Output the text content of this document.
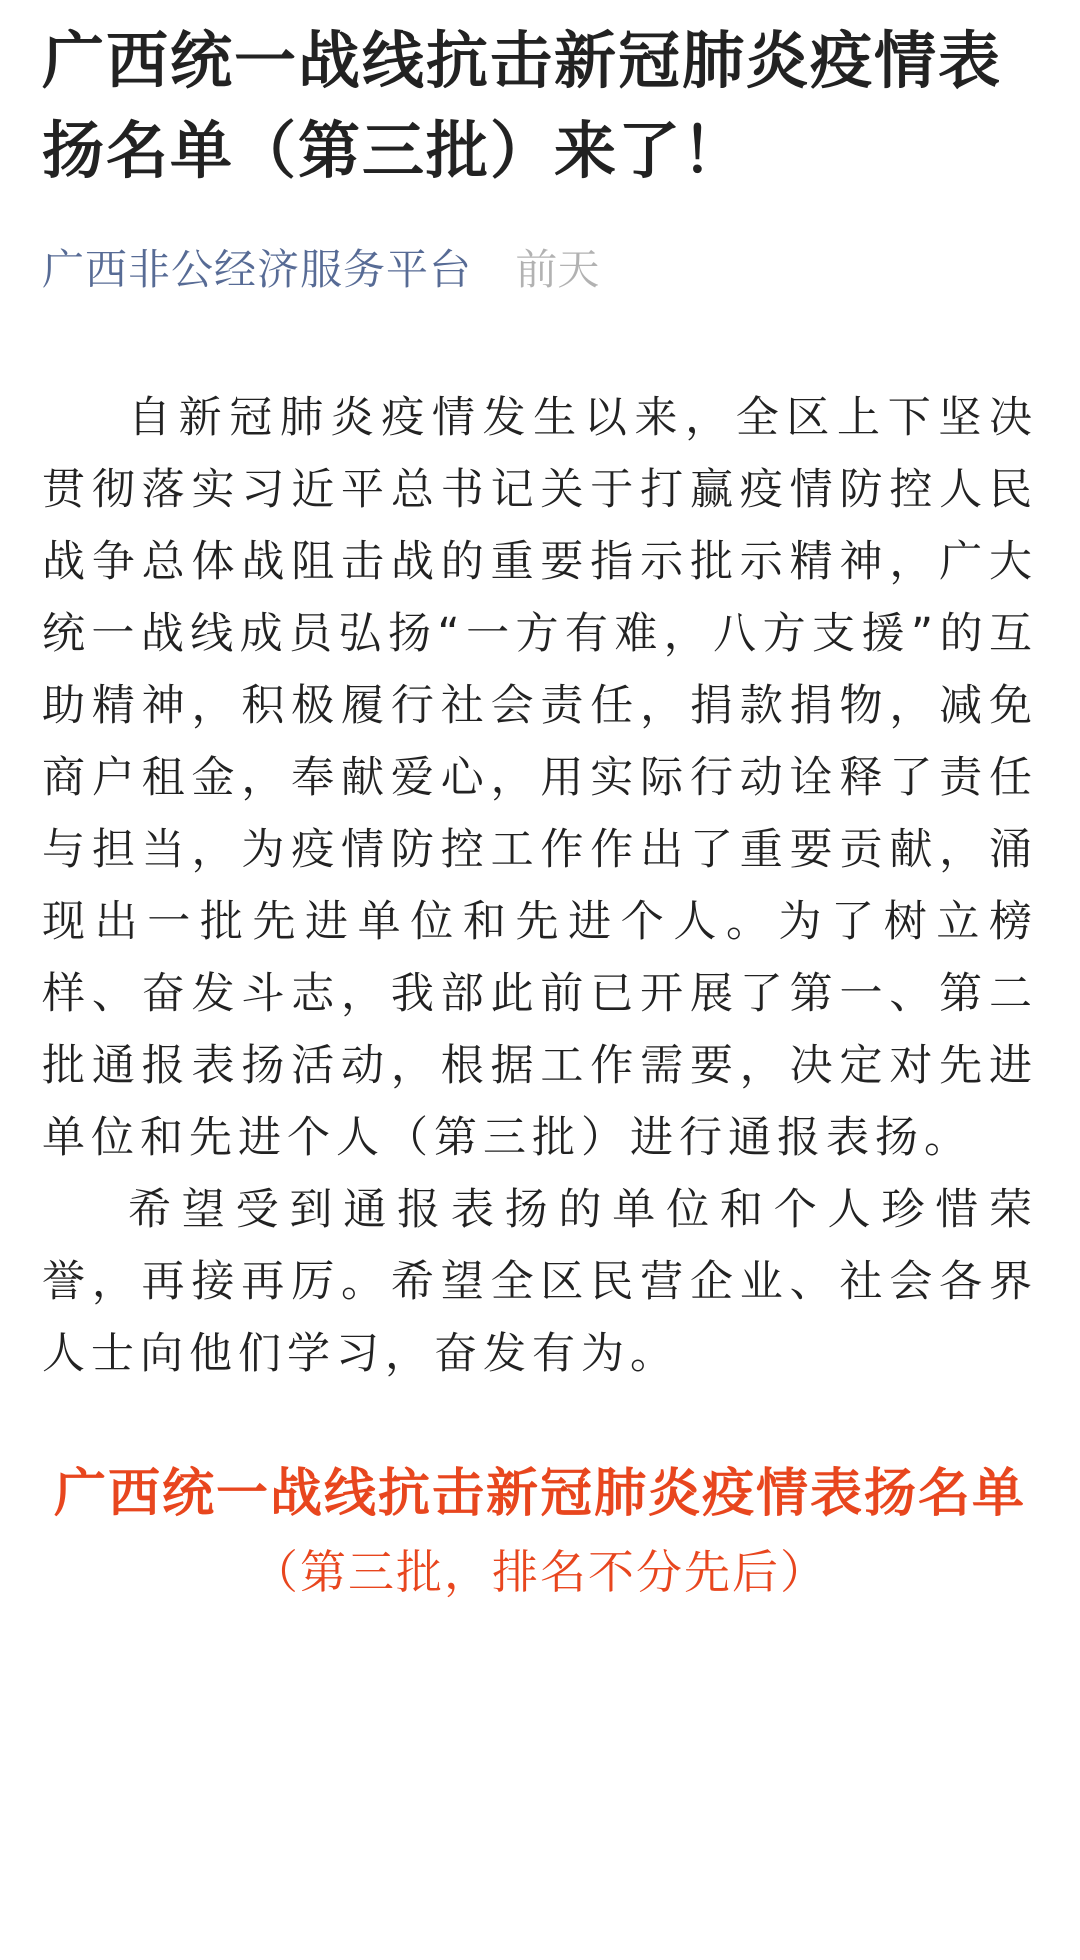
广西统一战线抗击新冠肺炎疫情表扬名单（第三批）来了！
广西非公经济服务平台 前天

自新冠肺炎疫情发生以来，全区上下坚决贯彻落实习近平总书记关于打赢疫情防控人民战争总体战阻击战的重要指示批示精神，广大统一战线成员弘扬“一方有难，八方支援”的互助精神，积极履行社会责任，捐款捐物，减免商户租金，奉献爱心，用实际行动诠释了责任与担当，为疫情防控工作作出了重要贡献，涌现出一批先进单位和先进个人。为了树立榜样、奋发斗志，我部此前已开展了第一、第二批通报表扬活动，根据工作需要，决定对先进单位和先进个人（第三批）进行通报表扬。

希望受到通报表扬的单位和个人珍惜荣誉，再接再厉。希望全区民营企业、社会各界人士向他们学习，奋发有为。

广西统一战线抗击新冠肺炎疫情表扬名单
（第三批，排名不分先后）
